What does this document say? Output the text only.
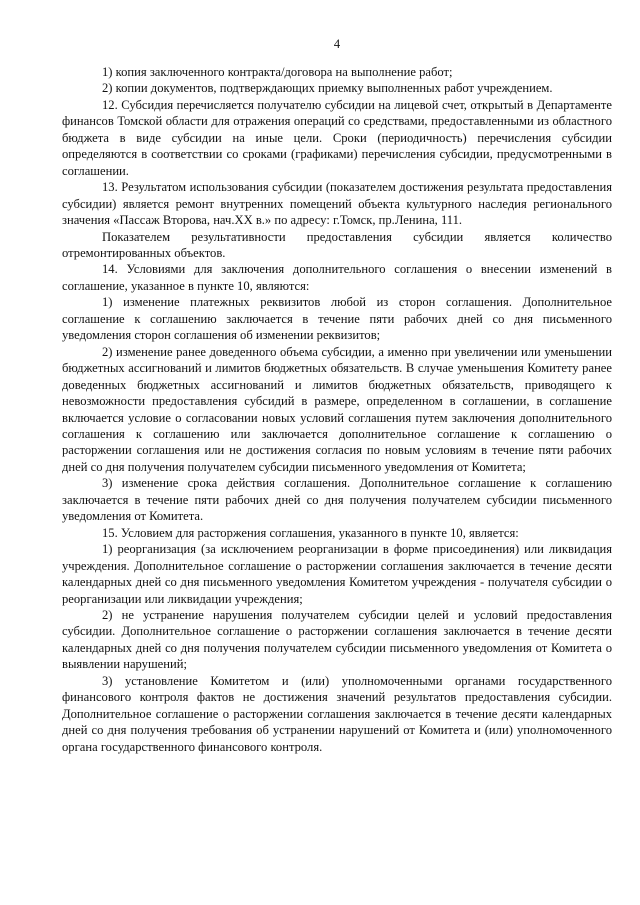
4

1) копия заключенного контракта/договора на выполнение работ;

2) копии документов, подтверждающих приемку выполненных работ учреждением.

12. Субсидия перечисляется получателю субсидии на лицевой счет, открытый в Департаменте финансов Томской области для отражения операций со средствами, предоставленными из областного бюджета в виде субсидии на иные цели. Сроки (периодичность) перечисления субсидии определяются в соответствии со сроками (графиками) перечисления субсидии, предусмотренными в соглашении.

13. Результатом использования субсидии (показателем достижения результата предоставления субсидии) является ремонт внутренних помещений объекта культурного наследия регионального значения «Пассаж Второва, нач.XX в.» по адресу: г.Томск, пр.Ленина, 111.

Показателем результативности предоставления субсидии является количество отремонтированных объектов.

14. Условиями для заключения дополнительного соглашения о внесении изменений в соглашение, указанное в пункте 10, являются:

1) изменение платежных реквизитов любой из сторон соглашения. Дополнительное соглашение к соглашению заключается в течение пяти рабочих дней со дня письменного уведомления сторон соглашения об изменении реквизитов;

2) изменение ранее доведенного объема субсидии, а именно при увеличении или уменьшении бюджетных ассигнований и лимитов бюджетных обязательств. В случае уменьшения Комитету ранее доведенных бюджетных ассигнований и лимитов бюджетных обязательств, приводящего к невозможности предоставления субсидий в размере, определенном в соглашении, в соглашение включается условие о согласовании новых условий соглашения путем заключения дополнительного соглашения к соглашению или заключается дополнительное соглашение к соглашению о расторжении соглашения или не достижения согласия по новым условиям в течение пяти рабочих дней со дня получения получателем субсидии письменного уведомления от Комитета;

3) изменение срока действия соглашения. Дополнительное соглашение к соглашению заключается в течение пяти рабочих дней со дня получения получателем субсидии письменного уведомления от Комитета.

15. Условием для расторжения соглашения, указанного в пункте 10, является:

1) реорганизация (за исключением реорганизации в форме присоединения) или ликвидация учреждения. Дополнительное соглашение о расторжении соглашения заключается в течение десяти календарных дней со дня письменного уведомления Комитетом учреждения - получателя субсидии о реорганизации или ликвидации учреждения;

2) не устранение нарушения получателем субсидии целей и условий предоставления субсидии. Дополнительное соглашение о расторжении соглашения заключается в течение десяти календарных дней со дня получения получателем субсидии письменного уведомления от Комитета о выявлении нарушений;

3) установление Комитетом и (или) уполномоченными органами государственного финансового контроля фактов не достижения значений результатов предоставления субсидии. Дополнительное соглашение о расторжении соглашения заключается в течение десяти календарных дней со дня получения требования об устранении нарушений от Комитета и (или) уполномоченного органа государственного финансового контроля.
